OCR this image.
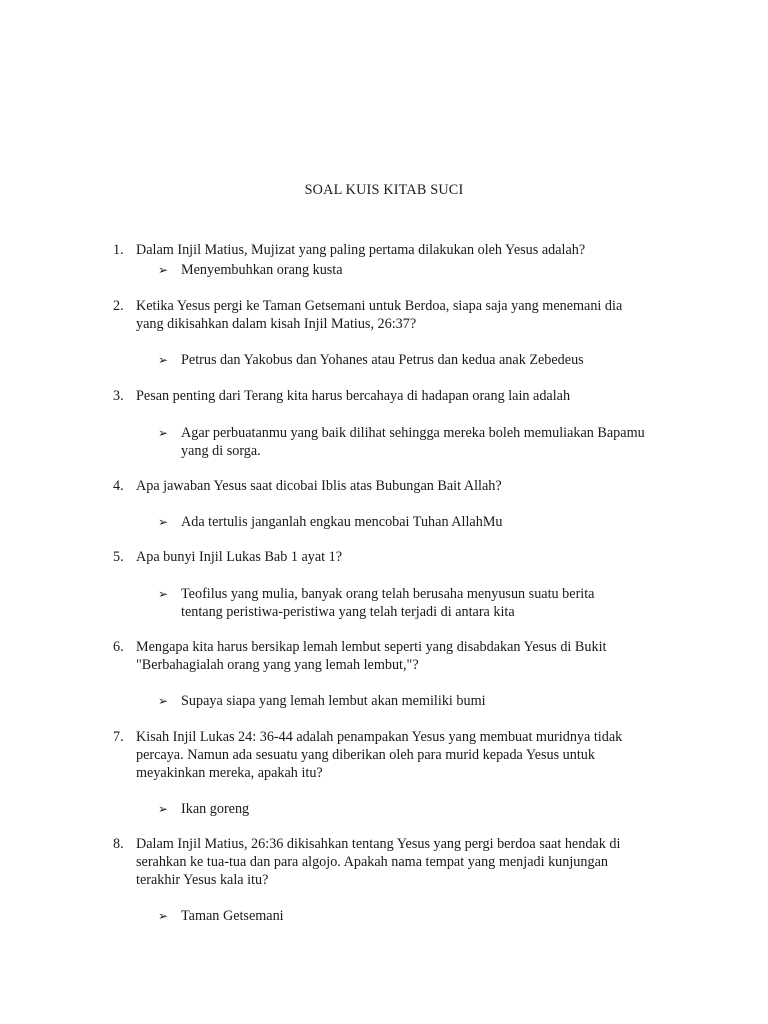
SOAL KUIS KITAB SUCI
1. Dalam Injil Matius, Mujizat yang paling pertama dilakukan oleh Yesus adalah?
➢ Menyembuhkan orang kusta
2. Ketika Yesus pergi ke Taman Getsemani untuk Berdoa, siapa saja yang menemani dia
yang dikisahkan dalam kisah Injil Matius, 26:37?
➢ Petrus dan Yakobus dan Yohanes atau Petrus dan kedua anak Zebedeus
3. Pesan penting dari Terang kita harus bercahaya di hadapan orang lain adalah
➢ Agar perbuatanmu yang baik dilihat sehingga mereka boleh memuliakan Bapamu
yang di sorga.
4. Apa jawaban Yesus saat dicobai Iblis atas Bubungan Bait Allah?
➢ Ada tertulis janganlah engkau mencobai Tuhan AllahMu
5. Apa bunyi Injil Lukas Bab 1 ayat 1?
➢ Teofilus yang mulia, banyak orang telah berusaha menyusun suatu berita
tentang peristiwa-peristiwa yang telah terjadi di antara kita
6. Mengapa kita harus bersikap lemah lembut seperti yang disabdakan Yesus di Bukit
"Berbahagialah orang yang yang lemah lembut,"?
➢ Supaya siapa yang lemah lembut akan memiliki bumi
7. Kisah Injil Lukas 24: 36-44 adalah penampakan Yesus yang membuat muridnya tidak
percaya. Namun ada sesuatu yang diberikan oleh para murid kepada Yesus untuk
meyakinkan mereka, apakah itu?
➢ Ikan goreng
8. Dalam Injil Matius, 26:36 dikisahkan tentang Yesus yang pergi berdoa saat hendak di
serahkan ke tua-tua dan para algojo. Apakah nama tempat yang menjadi kunjungan
terakhir Yesus kala itu?
➢ Taman Getsemani
